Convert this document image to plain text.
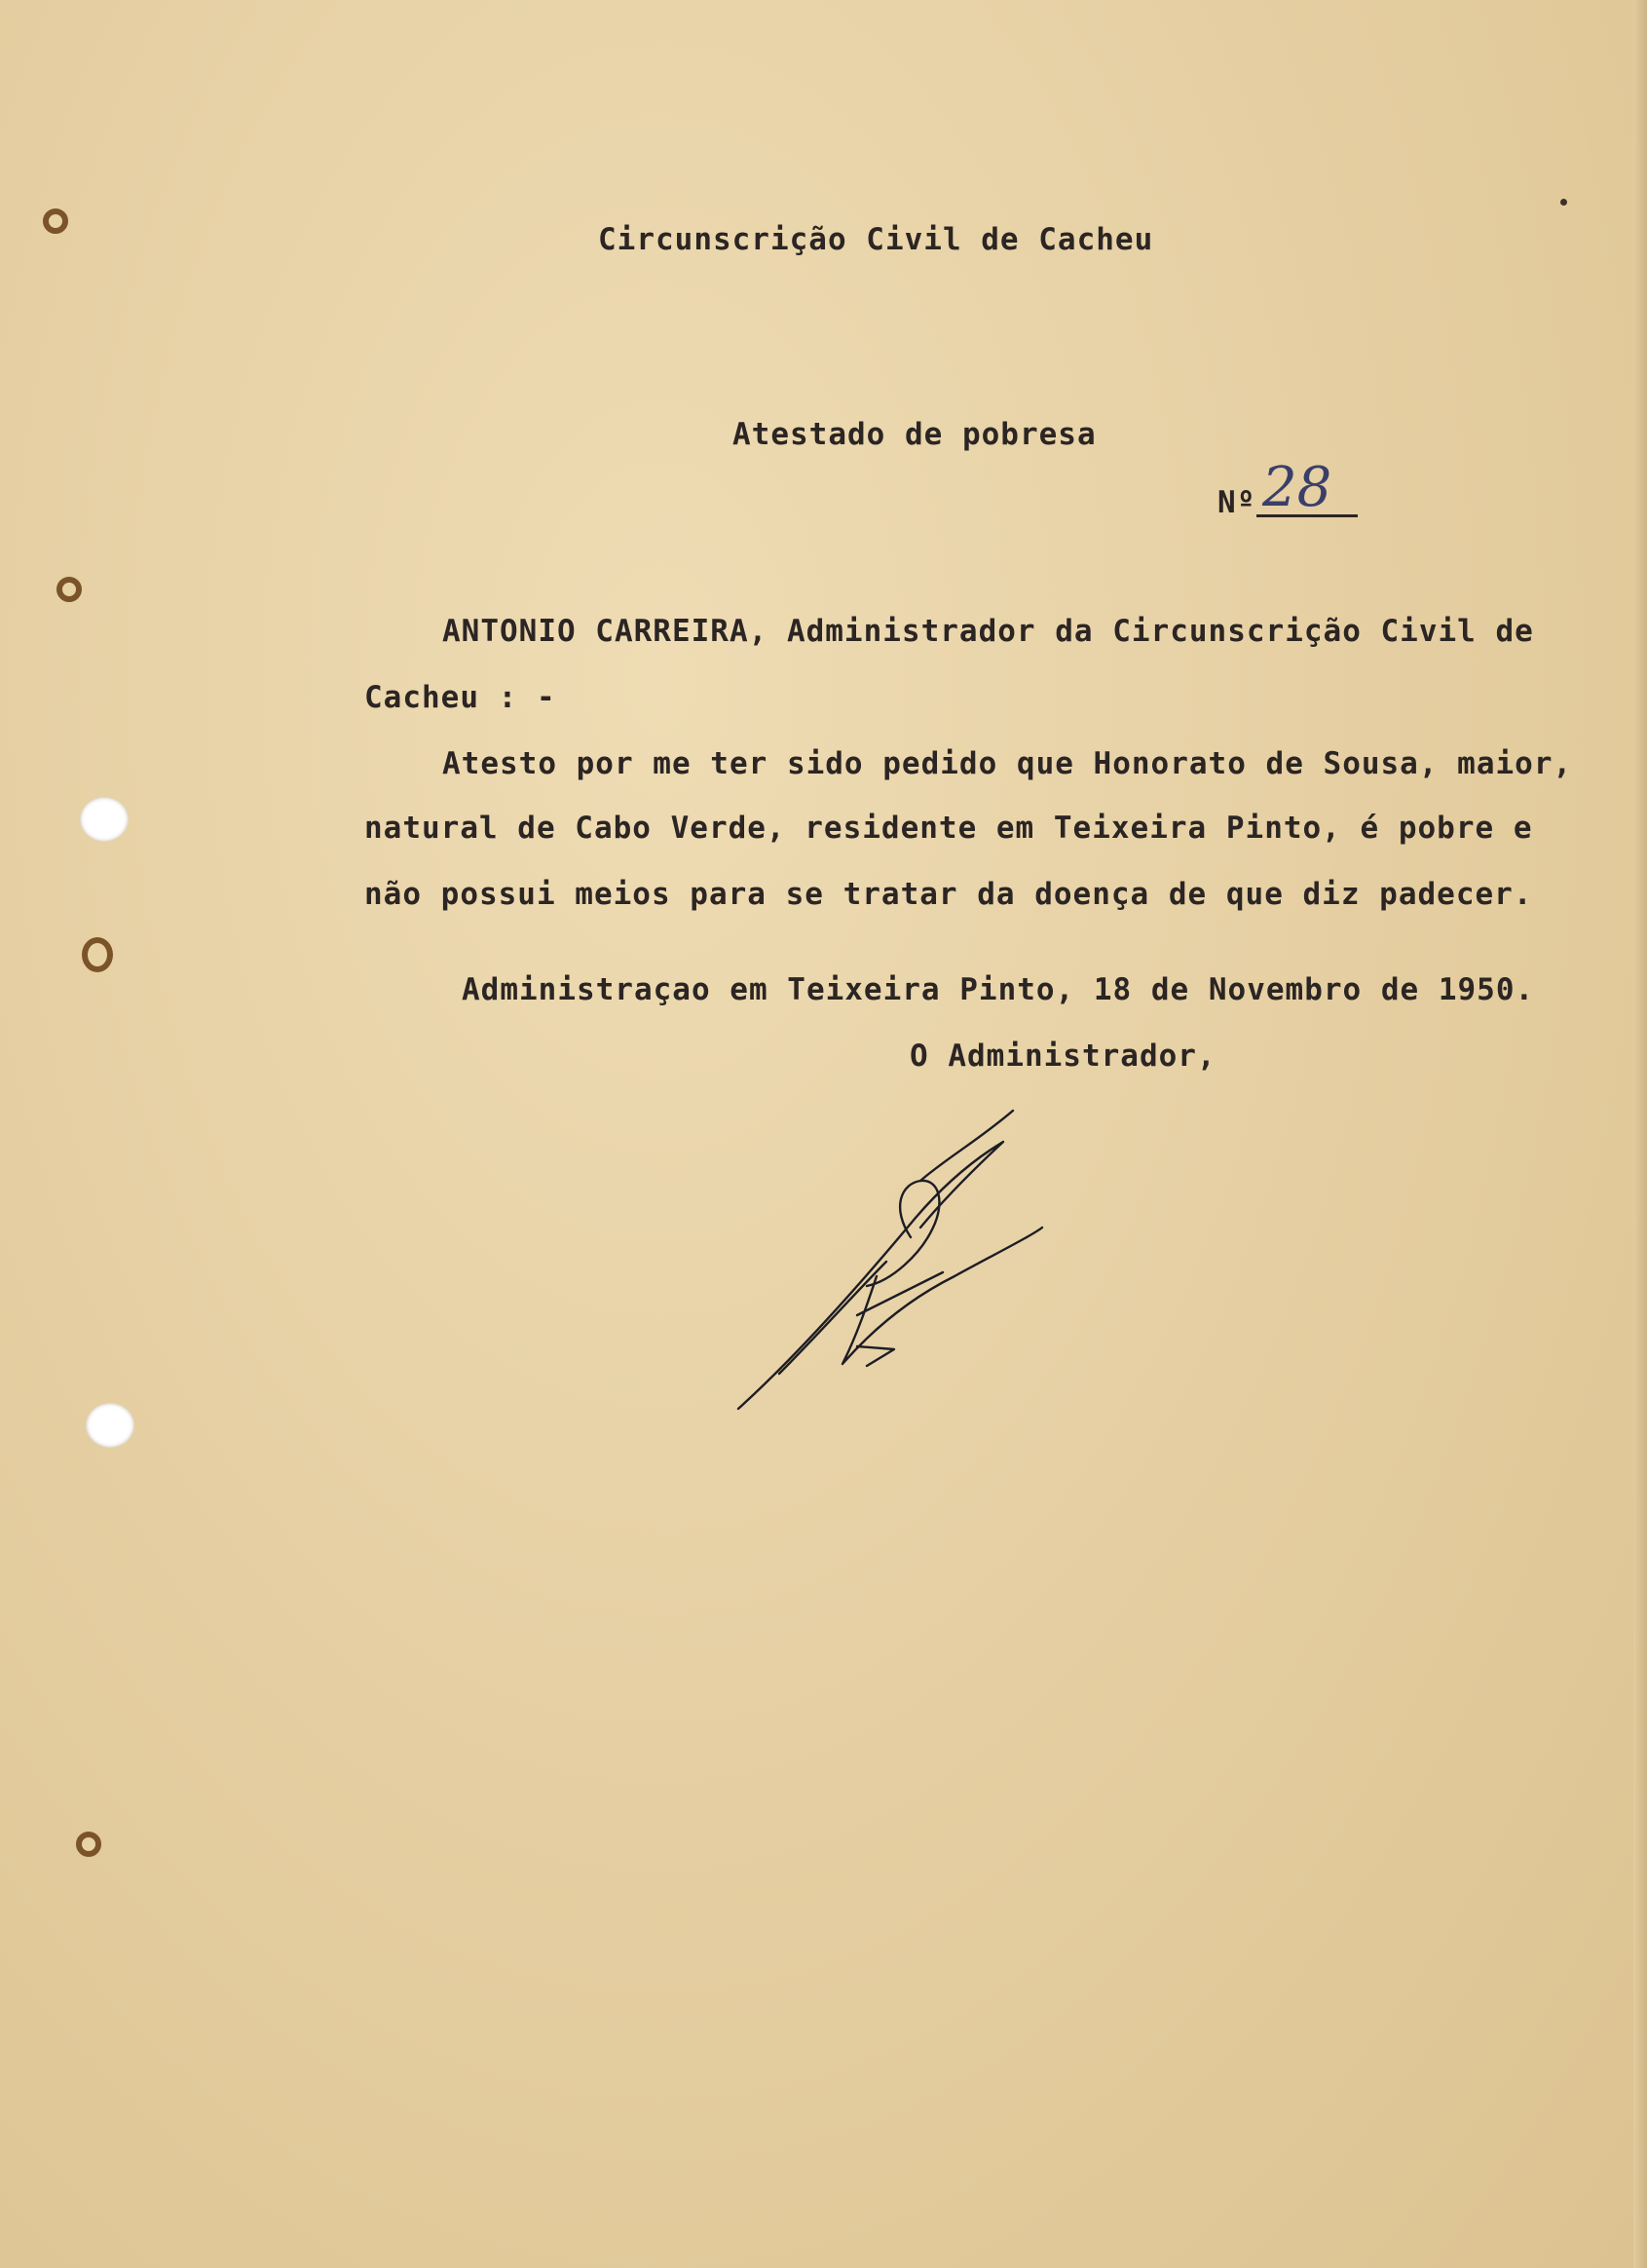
Circunscrição Civil de Cacheu
Atestado de pobresa
Nº 28
ANTONIO CARREIRA, Administrador da Circunscrição Civil de
Cacheu : -
Atesto por me ter sido pedido que Honorato de Sousa, maior,
natural de Cabo Verde, residente em Teixeira Pinto, é pobre e
não possui meios para se tratar da doença de que diz padecer.
Administraçao em Teixeira Pinto, 18 de Novembro de 1950.
O Administrador,
